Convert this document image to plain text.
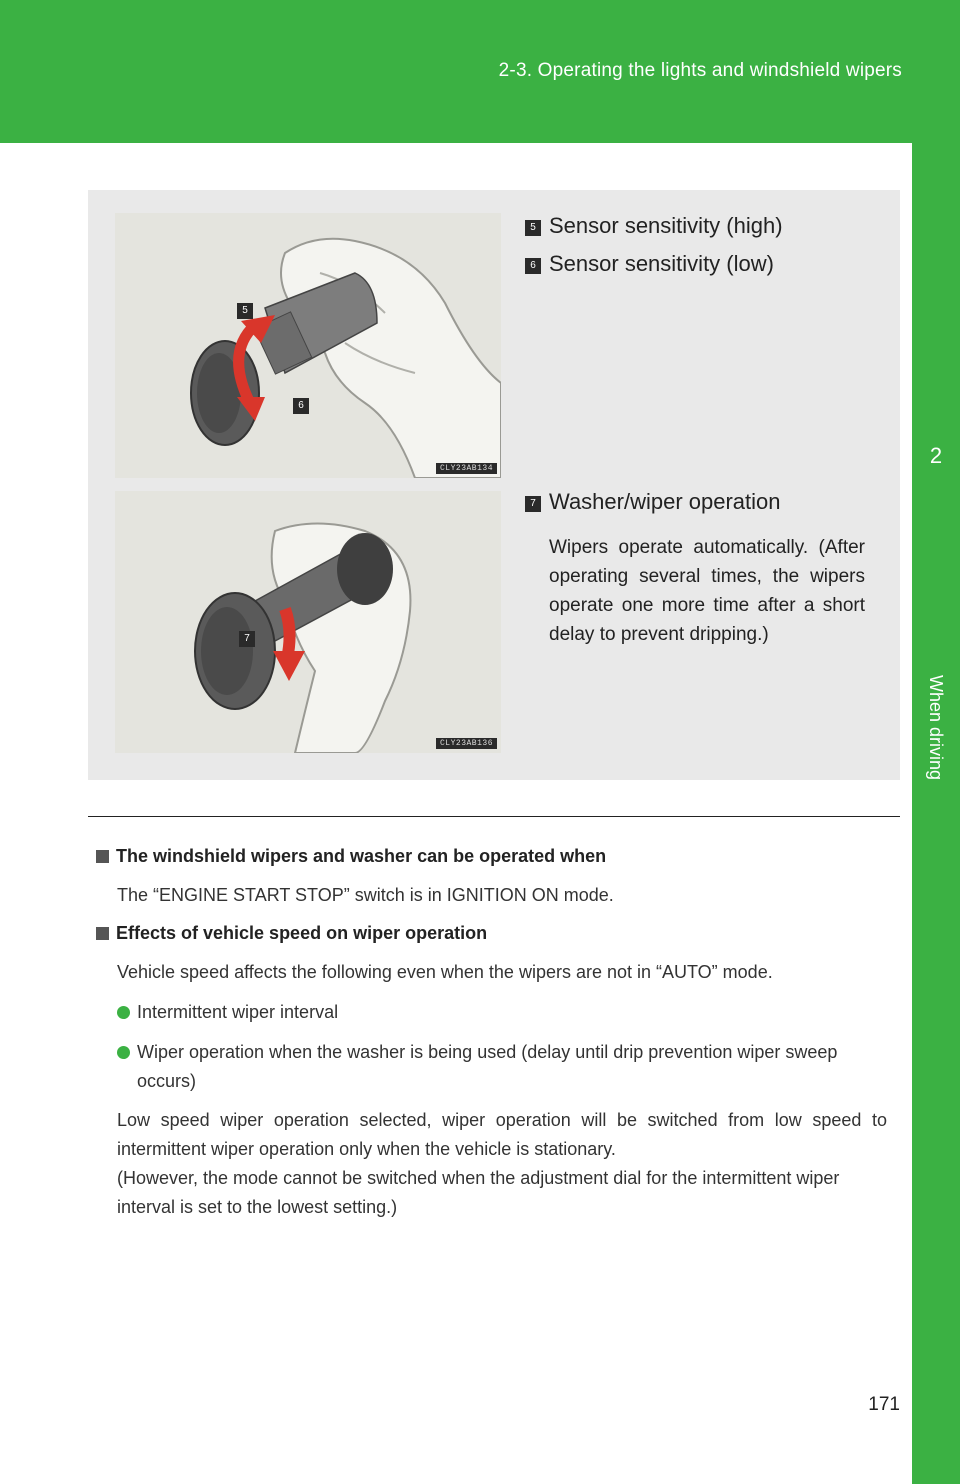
2-3. Operating the lights and windshield wipers
2
When driving
5
6
CLY23AB134
7
CLY23AB136
5 Sensor sensitivity (high)
6 Sensor sensitivity (low)
7 Washer/wiper operation
Wipers operate automatically. (After operating several times, the wipers operate one more time after a short delay to prevent dripping.)
The windshield wipers and washer can be operated when
The “ENGINE START STOP” switch is in IGNITION ON mode.
Effects of vehicle speed on wiper operation
Vehicle speed affects the following even when the wipers are not in “AUTO” mode.
Intermittent wiper interval
Wiper operation when the washer is being used (delay until drip prevention wiper sweep occurs)
Low speed wiper operation selected, wiper operation will be switched from low speed to intermittent wiper operation only when the vehicle is stationary.
(However, the mode cannot be switched when the adjustment dial for the intermittent wiper interval is set to the lowest setting.)
171
